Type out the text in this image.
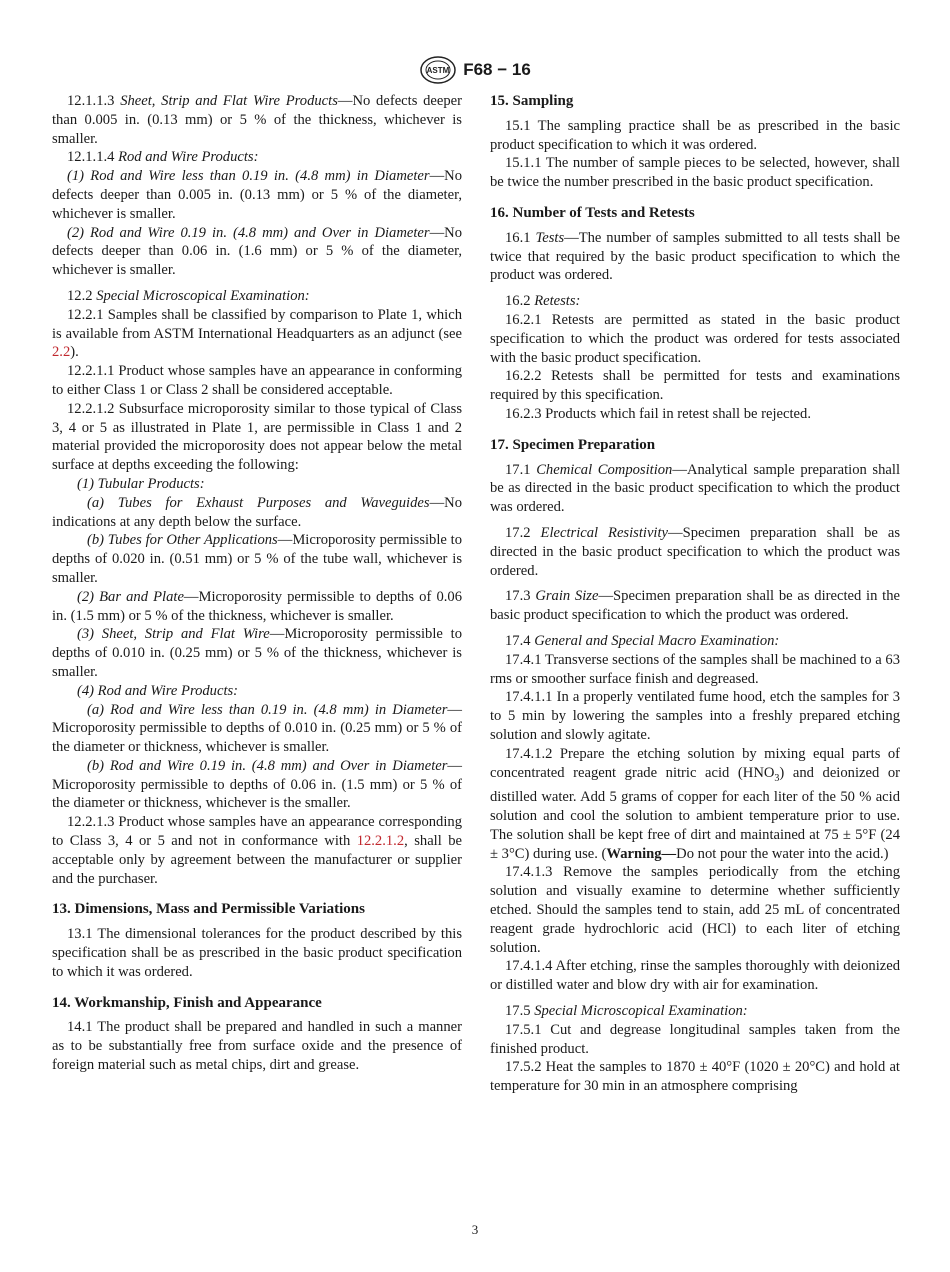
ASTM F68 − 16

12.1.1.3 Sheet, Strip and Flat Wire Products—No defects deeper than 0.005 in. (0.13 mm) or 5 % of the thickness, whichever is smaller.

12.1.1.4 Rod and Wire Products:

(1) Rod and Wire less than 0.19 in. (4.8 mm) in Diameter—No defects deeper than 0.005 in. (0.13 mm) or 5 % of the diameter, whichever is smaller.

(2) Rod and Wire 0.19 in. (4.8 mm) and Over in Diameter—No defects deeper than 0.06 in. (1.6 mm) or 5 % of the diameter, whichever is smaller.

12.2 Special Microscopical Examination:

12.2.1 Samples shall be classified by comparison to Plate 1, which is available from ASTM International Headquarters as an adjunct (see 2.2).

12.2.1.1 Product whose samples have an appearance in conforming to either Class 1 or Class 2 shall be considered acceptable.

12.2.1.2 Subsurface microporosity similar to those typical of Class 3, 4 or 5 as illustrated in Plate 1, are permissible in Class 1 and 2 material provided the microporosity does not appear below the metal surface at depths exceeding the following:

(1) Tubular Products:

(a) Tubes for Exhaust Purposes and Waveguides—No indications at any depth below the surface.

(b) Tubes for Other Applications—Microporosity permissible to depths of 0.020 in. (0.51 mm) or 5 % of the tube wall, whichever is smaller.

(2) Bar and Plate—Microporosity permissible to depths of 0.06 in. (1.5 mm) or 5 % of the thickness, whichever is smaller.

(3) Sheet, Strip and Flat Wire—Microporosity permissible to depths of 0.010 in. (0.25 mm) or 5 % of the thickness, whichever is smaller.

(4) Rod and Wire Products:

(a) Rod and Wire less than 0.19 in. (4.8 mm) in Diameter—Microporosity permissible to depths of 0.010 in. (0.25 mm) or 5 % of the diameter or thickness, whichever is smaller.

(b) Rod and Wire 0.19 in. (4.8 mm) and Over in Diameter—Microporosity permissible to depths of 0.06 in. (1.5 mm) or 5 % of the diameter or thickness, whichever is the smaller.

12.2.1.3 Product whose samples have an appearance corresponding to Class 3, 4 or 5 and not in conformance with 12.2.1.2, shall be acceptable only by agreement between the manufacturer or supplier and the purchaser.

13. Dimensions, Mass and Permissible Variations

13.1 The dimensional tolerances for the product described by this specification shall be as prescribed in the basic product specification to which it was ordered.

14. Workmanship, Finish and Appearance

14.1 The product shall be prepared and handled in such a manner as to be substantially free from surface oxide and the presence of foreign material such as metal chips, dirt and grease.

15. Sampling

15.1 The sampling practice shall be as prescribed in the basic product specification to which it was ordered.

15.1.1 The number of sample pieces to be selected, however, shall be twice the number prescribed in the basic product specification.

16. Number of Tests and Retests

16.1 Tests—The number of samples submitted to all tests shall be twice that required by the basic product specification to which the product was ordered.

16.2 Retests:

16.2.1 Retests are permitted as stated in the basic product specification to which the product was ordered for tests associated with the basic product specification.

16.2.2 Retests shall be permitted for tests and examinations required by this specification.

16.2.3 Products which fail in retest shall be rejected.

17. Specimen Preparation

17.1 Chemical Composition—Analytical sample preparation shall be as directed in the basic product specification to which the product was ordered.

17.2 Electrical Resistivity—Specimen preparation shall be as directed in the basic product specification to which the product was ordered.

17.3 Grain Size—Specimen preparation shall be as directed in the basic product specification to which the product was ordered.

17.4 General and Special Macro Examination:

17.4.1 Transverse sections of the samples shall be machined to a 63 rms or smoother surface finish and degreased.

17.4.1.1 In a properly ventilated fume hood, etch the samples for 3 to 5 min by lowering the samples into a freshly prepared etching solution and slowly agitate.

17.4.1.2 Prepare the etching solution by mixing equal parts of concentrated reagent grade nitric acid $(HNO_3)$ and deionized or distilled water. Add 5 grams of copper for each liter of the 50 % acid solution and cool the solution to ambient temperature prior to use. The solution shall be kept free of dirt and maintained at 75 ± 5°F (24 ± 3°C) during use. (Warning—Do not pour the water into the acid.)

17.4.1.3 Remove the samples periodically from the etching solution and visually examine to determine whether sufficiently etched. Should the samples tend to stain, add 25 mL of concentrated reagent grade hydrochloric acid (HCl) to each liter of etching solution.

17.4.1.4 After etching, rinse the samples thoroughly with deionized or distilled water and blow dry with air for examination.

17.5 Special Microscopical Examination:

17.5.1 Cut and degrease longitudinal samples taken from the finished product.

17.5.2 Heat the samples to 1870 ± 40°F (1020 ± 20°C) and hold at temperature for 30 min in an atmosphere comprising

3
